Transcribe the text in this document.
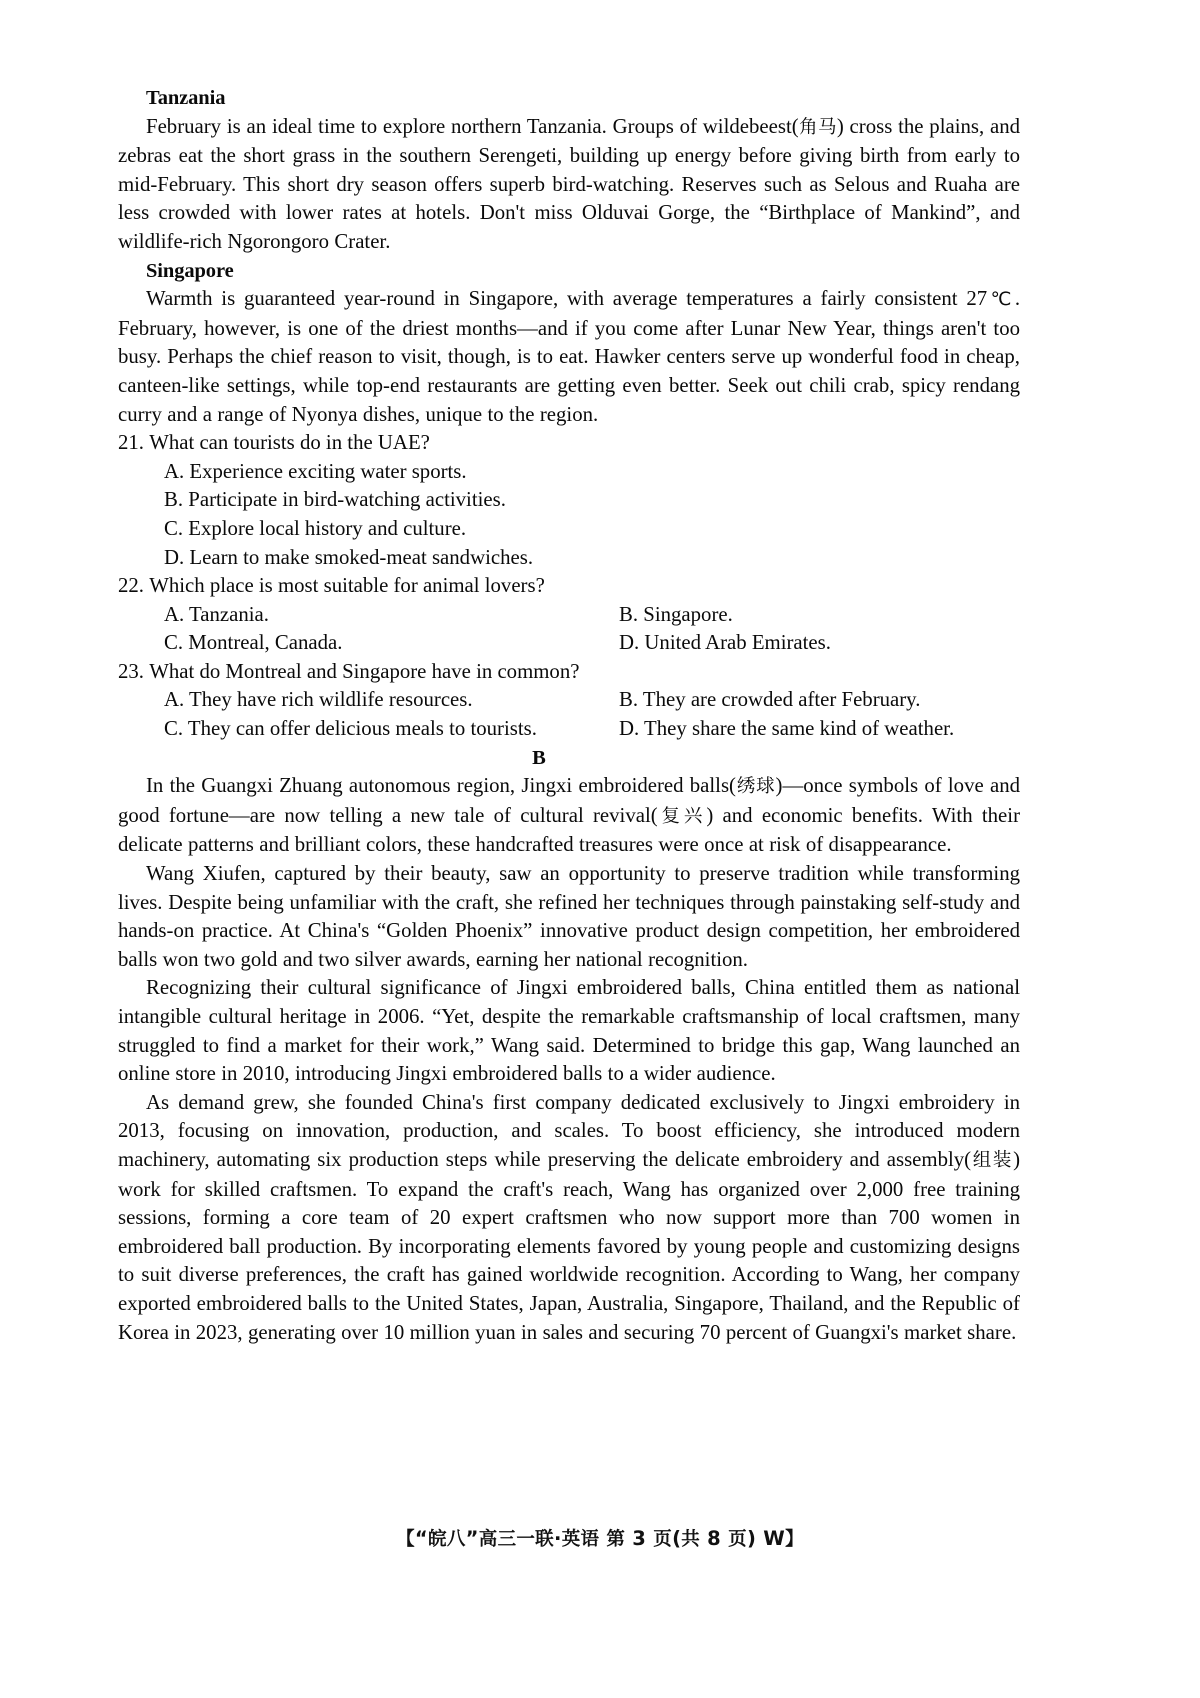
Tanzania

February is an ideal time to explore northern Tanzania. Groups of wildebeest(角马) cross the plains, and zebras eat the short grass in the southern Serengeti, building up energy before giving birth from early to mid-February. This short dry season offers superb bird-watching. Reserves such as Selous and Ruaha are less crowded with lower rates at hotels. Don't miss Olduvai Gorge, the “Birthplace of Mankind”, and wildlife-rich Ngorongoro Crater.

Singapore

Warmth is guaranteed year-round in Singapore, with average temperatures a fairly consistent 27℃. February, however, is one of the driest months—and if you come after Lunar New Year, things aren't too busy. Perhaps the chief reason to visit, though, is to eat. Hawker centers serve up wonderful food in cheap, canteen-like settings, while top-end restaurants are getting even better. Seek out chili crab, spicy rendang curry and a range of Nyonya dishes, unique to the region.

21. What can tourists do in the UAE?
A. Experience exciting water sports.
B. Participate in bird-watching activities.
C. Explore local history and culture.
D. Learn to make smoked-meat sandwiches.
22. Which place is most suitable for animal lovers?
A. Tanzania.	B. Singapore.
C. Montreal, Canada.	D. United Arab Emirates.
23. What do Montreal and Singapore have in common?
A. They have rich wildlife resources.	B. They are crowded after February.
C. They can offer delicious meals to tourists.	D. They share the same kind of weather.
B

In the Guangxi Zhuang autonomous region, Jingxi embroidered balls(绣球)—once symbols of love and good fortune—are now telling a new tale of cultural revival(复兴) and economic benefits. With their delicate patterns and brilliant colors, these handcrafted treasures were once at risk of disappearance.

Wang Xiufen, captured by their beauty, saw an opportunity to preserve tradition while transforming lives. Despite being unfamiliar with the craft, she refined her techniques through painstaking self-study and hands-on practice. At China's “Golden Phoenix” innovative product design competition, her embroidered balls won two gold and two silver awards, earning her national recognition.

Recognizing their cultural significance of Jingxi embroidered balls, China entitled them as national intangible cultural heritage in 2006. “Yet, despite the remarkable craftsmanship of local craftsmen, many struggled to find a market for their work,” Wang said. Determined to bridge this gap, Wang launched an online store in 2010, introducing Jingxi embroidered balls to a wider audience.

As demand grew, she founded China's first company dedicated exclusively to Jingxi embroidery in 2013, focusing on innovation, production, and scales. To boost efficiency, she introduced modern machinery, automating six production steps while preserving the delicate embroidery and assembly(组装) work for skilled craftsmen. To expand the craft's reach, Wang has organized over 2,000 free training sessions, forming a core team of 20 expert craftsmen who now support more than 700 women in embroidered ball production. By incorporating elements favored by young people and customizing designs to suit diverse preferences, the craft has gained worldwide recognition. According to Wang, her company exported embroidered balls to the United States, Japan, Australia, Singapore, Thailand, and the Republic of Korea in 2023, generating over 10 million yuan in sales and securing 70 percent of Guangxi's market share.

【“皖八”高三一联·英语 第 3 页(共 8 页) W】
